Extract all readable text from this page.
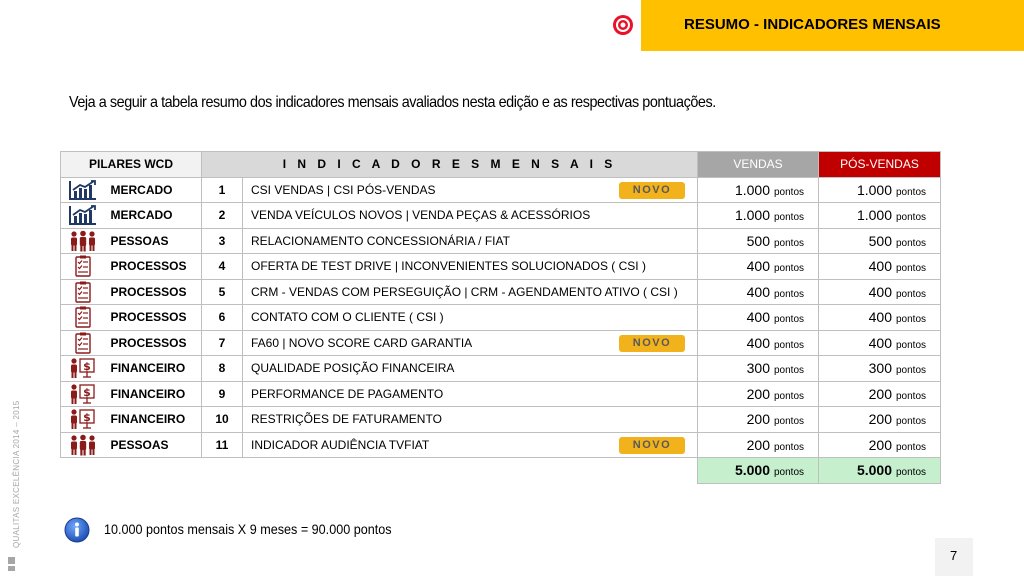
RESUMO - INDICADORES MENSAIS
Veja a seguir a tabela resumo dos indicadores mensais avaliados nesta edição e as respectivas pontuações.
PILARES WCD		I N D I C A D O R E S M E N S A I S		VENDAS	PÓS-VENDAS

	MERCADO	1	CSI VENDAS | CSI PÓS-VENDAS NOVO	1.000 pontos	1.000 pontos

	MERCADO	2	VENDA VEÍCULOS NOVOS | VENDA PEÇAS & ACESSÓRIOS	1.000 pontos	1.000 pontos

	PESSOAS	3	RELACIONAMENTO CONCESSIONÁRIA / FIAT	500 pontos	500 pontos

	PROCESSOS	4	OFERTA DE TEST DRIVE | INCONVENIENTES SOLUCIONADOS ( CSI )	400 pontos	400 pontos

	PROCESSOS	5	CRM - VENDAS COM PERSEGUIÇÃO | CRM - AGENDAMENTO ATIVO ( CSI )	400 pontos	400 pontos

	PROCESSOS	6	CONTATO COM O CLIENTE ( CSI )	400 pontos	400 pontos

	PROCESSOS	7	FA60 | NOVO SCORE CARD GARANTIA NOVO	400 pontos	400 pontos

$	FINANCEIRO	8	QUALIDADE POSIÇÃO FINANCEIRA	300 pontos	300 pontos

$	FINANCEIRO	9	PERFORMANCE DE PAGAMENTO	200 pontos	200 pontos

$	FINANCEIRO	10	RESTRIÇÕES DE FATURAMENTO	200 pontos	200 pontos

	PESSOAS	11	INDICADOR AUDIÊNCIA TVFIAT NOVO	200 pontos	200 pontos
				5.000 pontos	5.000 pontos
10.000 pontos mensais X 9 meses = 90.000 pontos
QUALITAS EXCELÊNCIA 2014 – 2015
7
